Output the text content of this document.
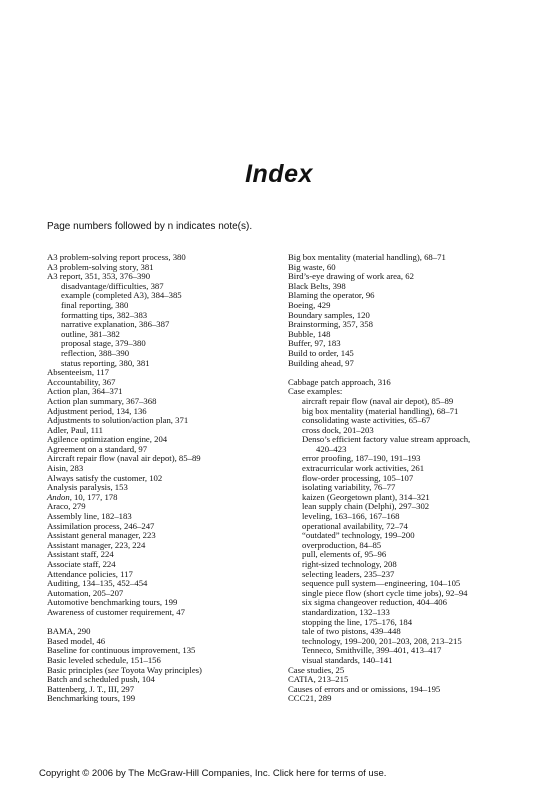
Index
Page numbers followed by n indicates note(s).
A3 problem-solving report process, 380
A3 problem-solving story, 381
A3 report, 351, 353, 376–390
disadvantage/difficulties, 387
example (completed A3), 384–385
final reporting, 380
formatting tips, 382–383
narrative explanation, 386–387
outline, 381–382
proposal stage, 379–380
reflection, 388–390
status reporting, 380, 381
Absenteeism, 117
Accountability, 367
Action plan, 364–371
Action plan summary, 367–368
Adjustment period, 134, 136
Adjustments to solution/action plan, 371
Adler, Paul, 111
Agilence optimization engine, 204
Agreement on a standard, 97
Aircraft repair flow (naval air depot), 85–89
Aisin, 283
Always satisfy the customer, 102
Analysis paralysis, 153
Andon, 10, 177, 178
Araco, 279
Assembly line, 182–183
Assimilation process, 246–247
Assistant general manager, 223
Assistant manager, 223, 224
Assistant staff, 224
Associate staff, 224
Attendance policies, 117
Auditing, 134–135, 452–454
Automation, 205–207
Automotive benchmarking tours, 199
Awareness of customer requirement, 47
BAMA, 290
Based model, 46
Baseline for continuous improvement, 135
Basic leveled schedule, 151–156
Basic principles (see Toyota Way principles)
Batch and scheduled push, 104
Battenberg, J. T., III, 297
Benchmarking tours, 199
Big box mentality (material handling), 68–71
Big waste, 60
Bird’s-eye drawing of work area, 62
Black Belts, 398
Blaming the operator, 96
Boeing, 429
Boundary samples, 120
Brainstorming, 357, 358
Bubble, 148
Buffer, 97, 183
Build to order, 145
Building ahead, 97
Cabbage patch approach, 316
Case examples:
aircraft repair flow (naval air depot), 85–89
big box mentality (material handling), 68–71
consolidating waste activities, 65–67
cross dock, 201–203
Denso’s efficient factory value stream approach,
420–423
error proofing, 187–190, 191–193
extracurricular work activities, 261
flow-order processing, 105–107
isolating variability, 76–77
kaizen (Georgetown plant), 314–321
lean supply chain (Delphi), 297–302
leveling, 163–166, 167–168
operational availability, 72–74
“outdated” technology, 199–200
overproduction, 84–85
pull, elements of, 95–96
right-sized technology, 208
selecting leaders, 235–237
sequence pull system—engineering, 104–105
single piece flow (short cycle time jobs), 92–94
six sigma changeover reduction, 404–406
standardization, 132–133
stopping the line, 175–176, 184
tale of two pistons, 439–448
technology, 199–200, 201–203, 208, 213–215
Tenneco, Smithville, 399–401, 413–417
visual standards, 140–141
Case studies, 25
CATIA, 213–215
Causes of errors and or omissions, 194–195
CCC21, 289
Copyright © 2006 by The McGraw-Hill Companies, Inc. Click here for terms of use.
